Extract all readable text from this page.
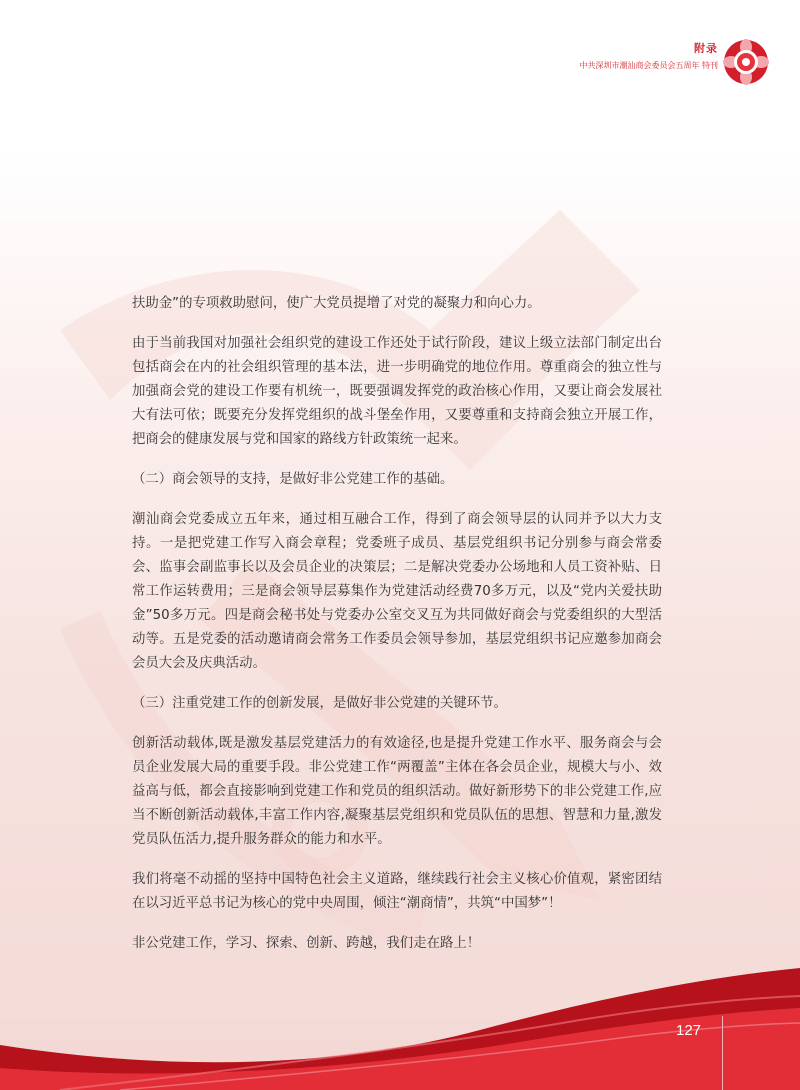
附录
中共深圳市潮汕商会委员会五周年 特刊

扶助金”的专项救助慰问，使广大党员提增了对党的凝聚力和向心力。

由于当前我国对加强社会组织党的建设工作还处于试行阶段，建议上级立法部门制定出台包括商会在内的社会组织管理的基本法，进一步明确党的地位作用。尊重商会的独立性与加强商会党的建设工作要有机统一，既要强调发挥党的政治核心作用，又要让商会发展社大有法可依；既要充分发挥党组织的战斗堡垒作用，又要尊重和支持商会独立开展工作，把商会的健康发展与党和国家的路线方针政策统一起来。

（二）商会领导的支持，是做好非公党建工作的基础。

潮汕商会党委成立五年来，通过相互融合工作，得到了商会领导层的认同并予以大力支持。一是把党建工作写入商会章程；党委班子成员、基层党组织书记分别参与商会常委会、监事会副监事长以及会员企业的决策层；二是解决党委办公场地和人员工资补贴、日常工作运转费用；三是商会领导层募集作为党建活动经费70多万元，以及“党内关爱扶助金”50多万元。四是商会秘书处与党委办公室交叉互为共同做好商会与党委组织的大型活动等。五是党委的活动邀请商会常务工作委员会领导参加，基层党组织书记应邀参加商会会员大会及庆典活动。

（三）注重党建工作的创新发展，是做好非公党建的关键环节。

创新活动载体,既是激发基层党建活力的有效途径,也是提升党建工作水平、服务商会与会员企业发展大局的重要手段。非公党建工作“两覆盖”主体在各会员企业，规模大与小、效益高与低，都会直接影响到党建工作和党员的组织活动。做好新形势下的非公党建工作,应当不断创新活动载体,丰富工作内容,凝聚基层党组织和党员队伍的思想、智慧和力量,激发党员队伍活力,提升服务群众的能力和水平。

我们将毫不动摇的坚持中国特色社会主义道路，继续践行社会主义核心价值观，紧密团结在以习近平总书记为核心的党中央周围，倾注“潮商情”，共筑“中国梦”！

非公党建工作，学习、探索、创新、跨越，我们走在路上！

127
